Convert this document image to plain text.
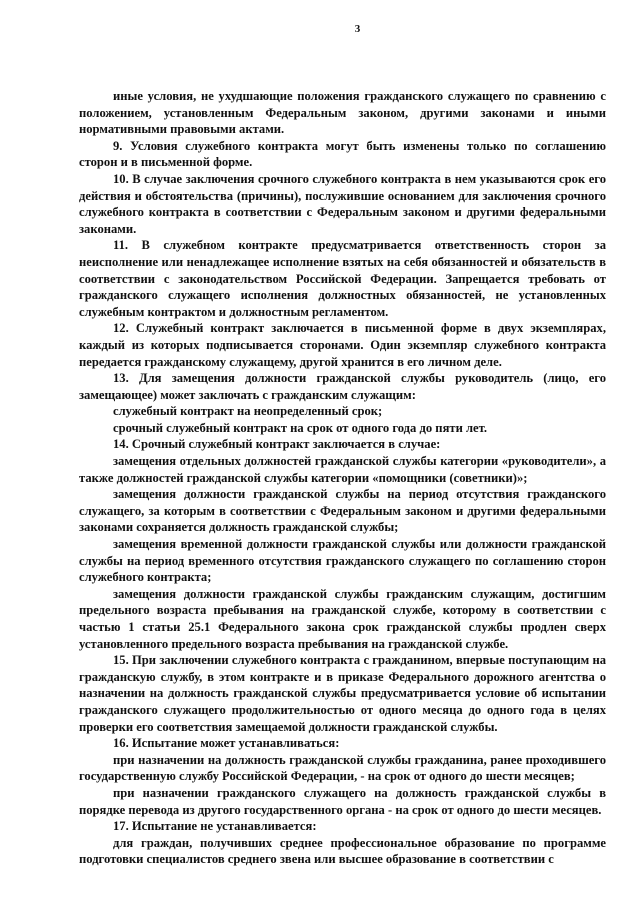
3

иные условия, не ухудшающие положения гражданского служащего по сравнению с положением, установленным Федеральным законом, другими законами и иными нормативными правовыми актами.

9. Условия служебного контракта могут быть изменены только по соглашению сторон и в письменной форме.

10. В случае заключения срочного служебного контракта в нем указываются срок его действия и обстоятельства (причины), послужившие основанием для заключения срочного служебного контракта в соответствии с Федеральным законом и другими федеральными законами.

11. В служебном контракте предусматривается ответственность сторон за неисполнение или ненадлежащее исполнение взятых на себя обязанностей и обязательств в соответствии с законодательством Российской Федерации. Запрещается требовать от гражданского служащего исполнения должностных обязанностей, не установленных служебным контрактом и должностным регламентом.

12. Служебный контракт заключается в письменной форме в двух экземплярах, каждый из которых подписывается сторонами. Один экземпляр служебного контракта передается гражданскому служащему, другой хранится в его личном деле.

13. Для замещения должности гражданской службы руководитель (лицо, его замещающее) может заключать с гражданским служащим:

служебный контракт на неопределенный срок;

срочный служебный контракт на срок от одного года до пяти лет.

14. Срочный служебный контракт заключается в случае:

замещения отдельных должностей гражданской службы категории «руководители», а также должностей гражданской службы категории «помощники (советники)»;

замещения должности гражданской службы на период отсутствия гражданского служащего, за которым в соответствии с Федеральным законом и другими федеральными законами сохраняется должность гражданской службы;

замещения временной должности гражданской службы или должности гражданской службы на период временного отсутствия гражданского служащего по соглашению сторон служебного контракта;

замещения должности гражданской службы гражданским служащим, достигшим предельного возраста пребывания на гражданской службе, которому в соответствии с частью 1 статьи 25.1 Федерального закона срок гражданской службы продлен сверх установленного предельного возраста пребывания на гражданской службе.

15. При заключении служебного контракта с гражданином, впервые поступающим на гражданскую службу, в этом контракте и в приказе Федерального дорожного агентства о назначении на должность гражданской службы предусматривается условие об испытании гражданского служащего продолжительностью от одного месяца до одного года в целях проверки его соответствия замещаемой должности гражданской службы.

16. Испытание может устанавливаться:

при назначении на должность гражданской службы гражданина, ранее проходившего государственную службу Российской Федерации, - на срок от одного до шести месяцев;

при назначении гражданского служащего на должность гражданской службы в порядке перевода из другого государственного органа - на срок от одного до шести месяцев.

17. Испытание не устанавливается:

для граждан, получивших среднее профессиональное образование по программе подготовки специалистов среднего звена или высшее образование в соответствии с
